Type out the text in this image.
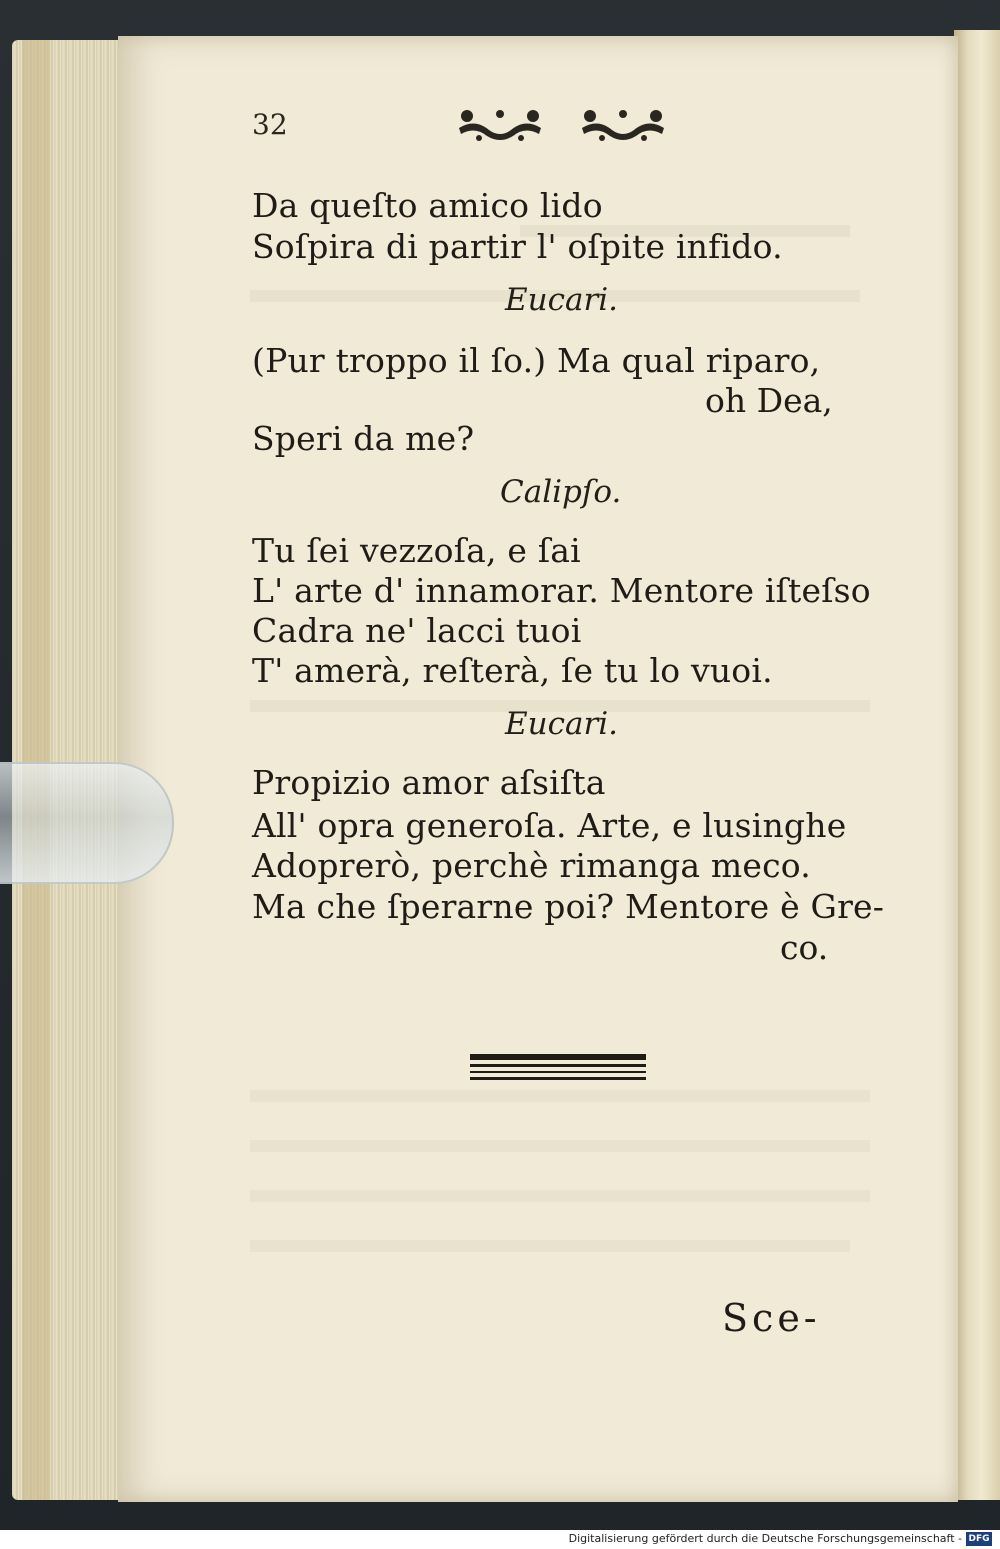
32
Da queſto amico lido
Soſpira di partir l' oſpite infido.
Eucari.
(Pur troppo il ſo.) Ma qual riparo,
oh Dea,
Speri da me?
Calipſo.
Tu ſei vezzoſa, e ſai
L' arte d' innamorar. Mentore iſteſso
Cadra ne' lacci tuoi
T' amerà, reſterà, ſe tu lo vuoi.
Eucari.
Propizio amor aſsiſta
All' opra generoſa. Arte, e lusinghe
Adoprerò, perchè rimanga meco.
Ma che ſperarne poi? Mentore è Gre-
co.
Sce-
Digitalisierung gefördert durch die Deutsche Forschungsgemeinschaft - DFG
